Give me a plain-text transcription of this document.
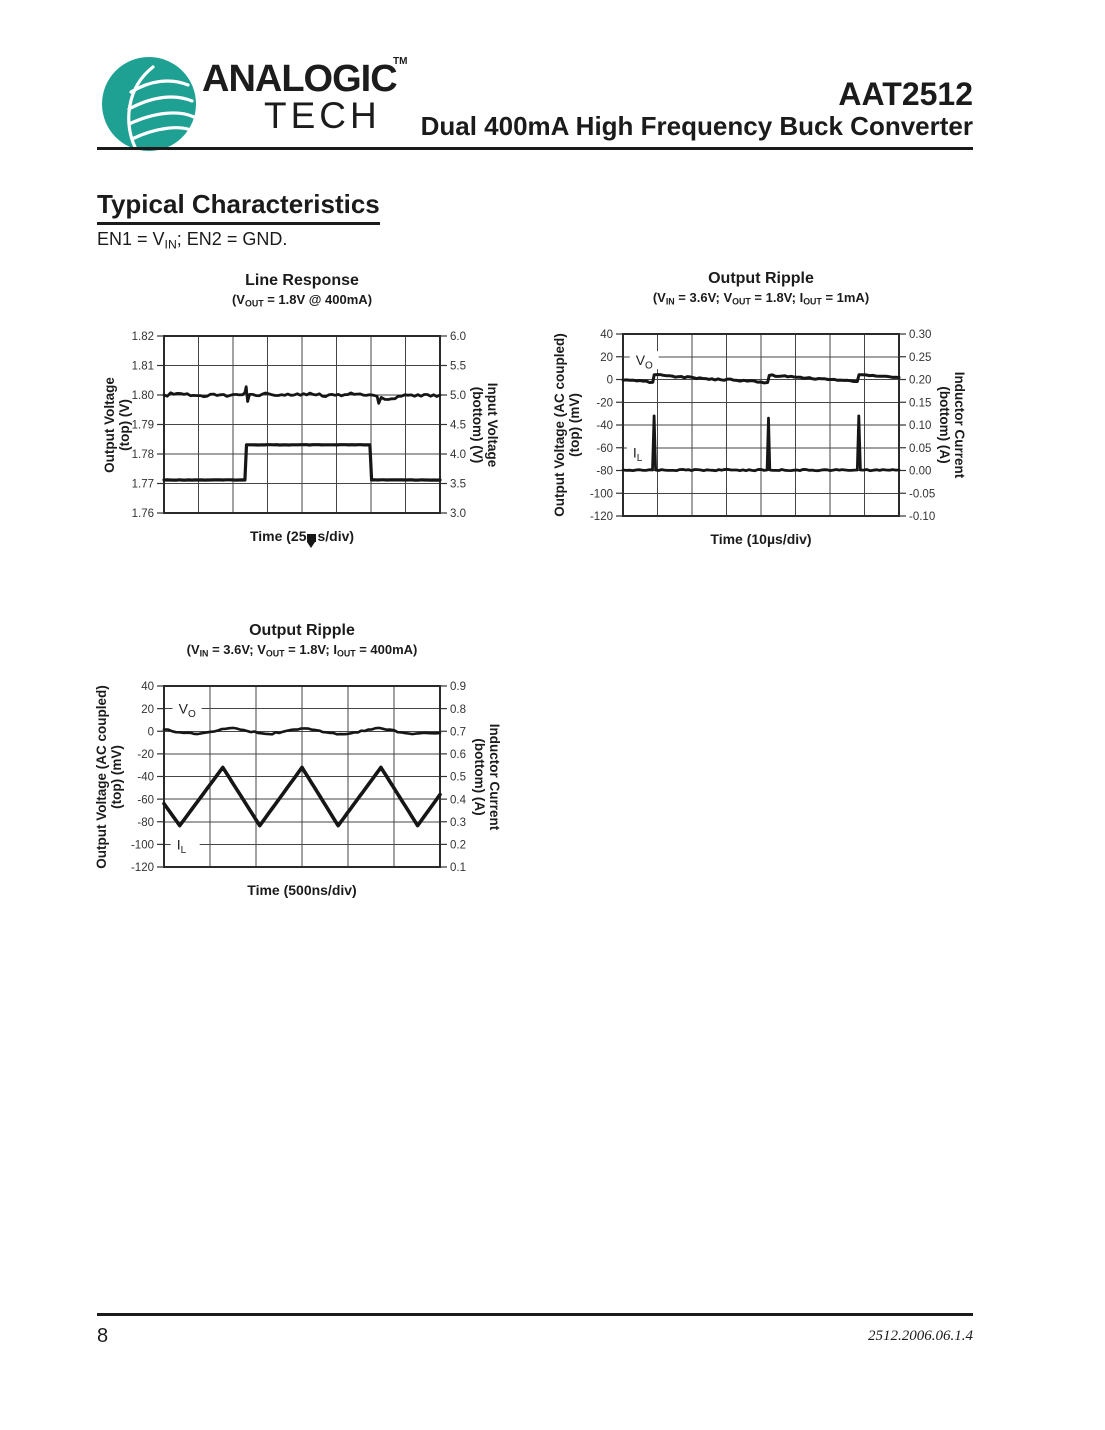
ANALOGIC
TM
TECH
AAT2512
Dual 400mA High Frequency Buck Converter
Typical Characteristics
$EN1 = V_{IN}$; EN2 = GND.
Line Response
($V_{OUT} = 1.8V$ @ 400mA)
Output Voltage (top) (V)	Input Voltage
(bottom) (V)
1.82	6.0
1.81	5.5
1.80	5.0
1.79	4.5
1.78	4.0
1.77	3.5
1.76	3.0
Time (25 s/div)
Output Ripple
($V_{IN} = 3.6V$; $V_{OUT} = 1.8V$; $I_{OUT} = 1mA$)
Output Voltage (AC coupled) (top) (mV)	Inductor Current
(bottom) (A)
40	0.30
20	0.25
0	0.20
-20	0.15
-40	0.10
-60	0.05
-80	0.00
-100	-0.05
-120	-0.10
$V_O$
$I_L$
Time (10µs/div)
Output Ripple
($V_{IN} = 3.6V$; $V_{OUT} = 1.8V$; $I_{OUT} = 400mA$)
Output Voltage (AC coupled) (top) (mV)	Inductor Current
(bottom) (A)
40	0.9
20	0.8
0	0.7
-20	0.6
-40	0.5
-60	0.4
-80	0.3
-100	0.2
-120	0.1
$V_O$
$I_L$
Time (500ns/div)
8	2512.2006.06.1.4
